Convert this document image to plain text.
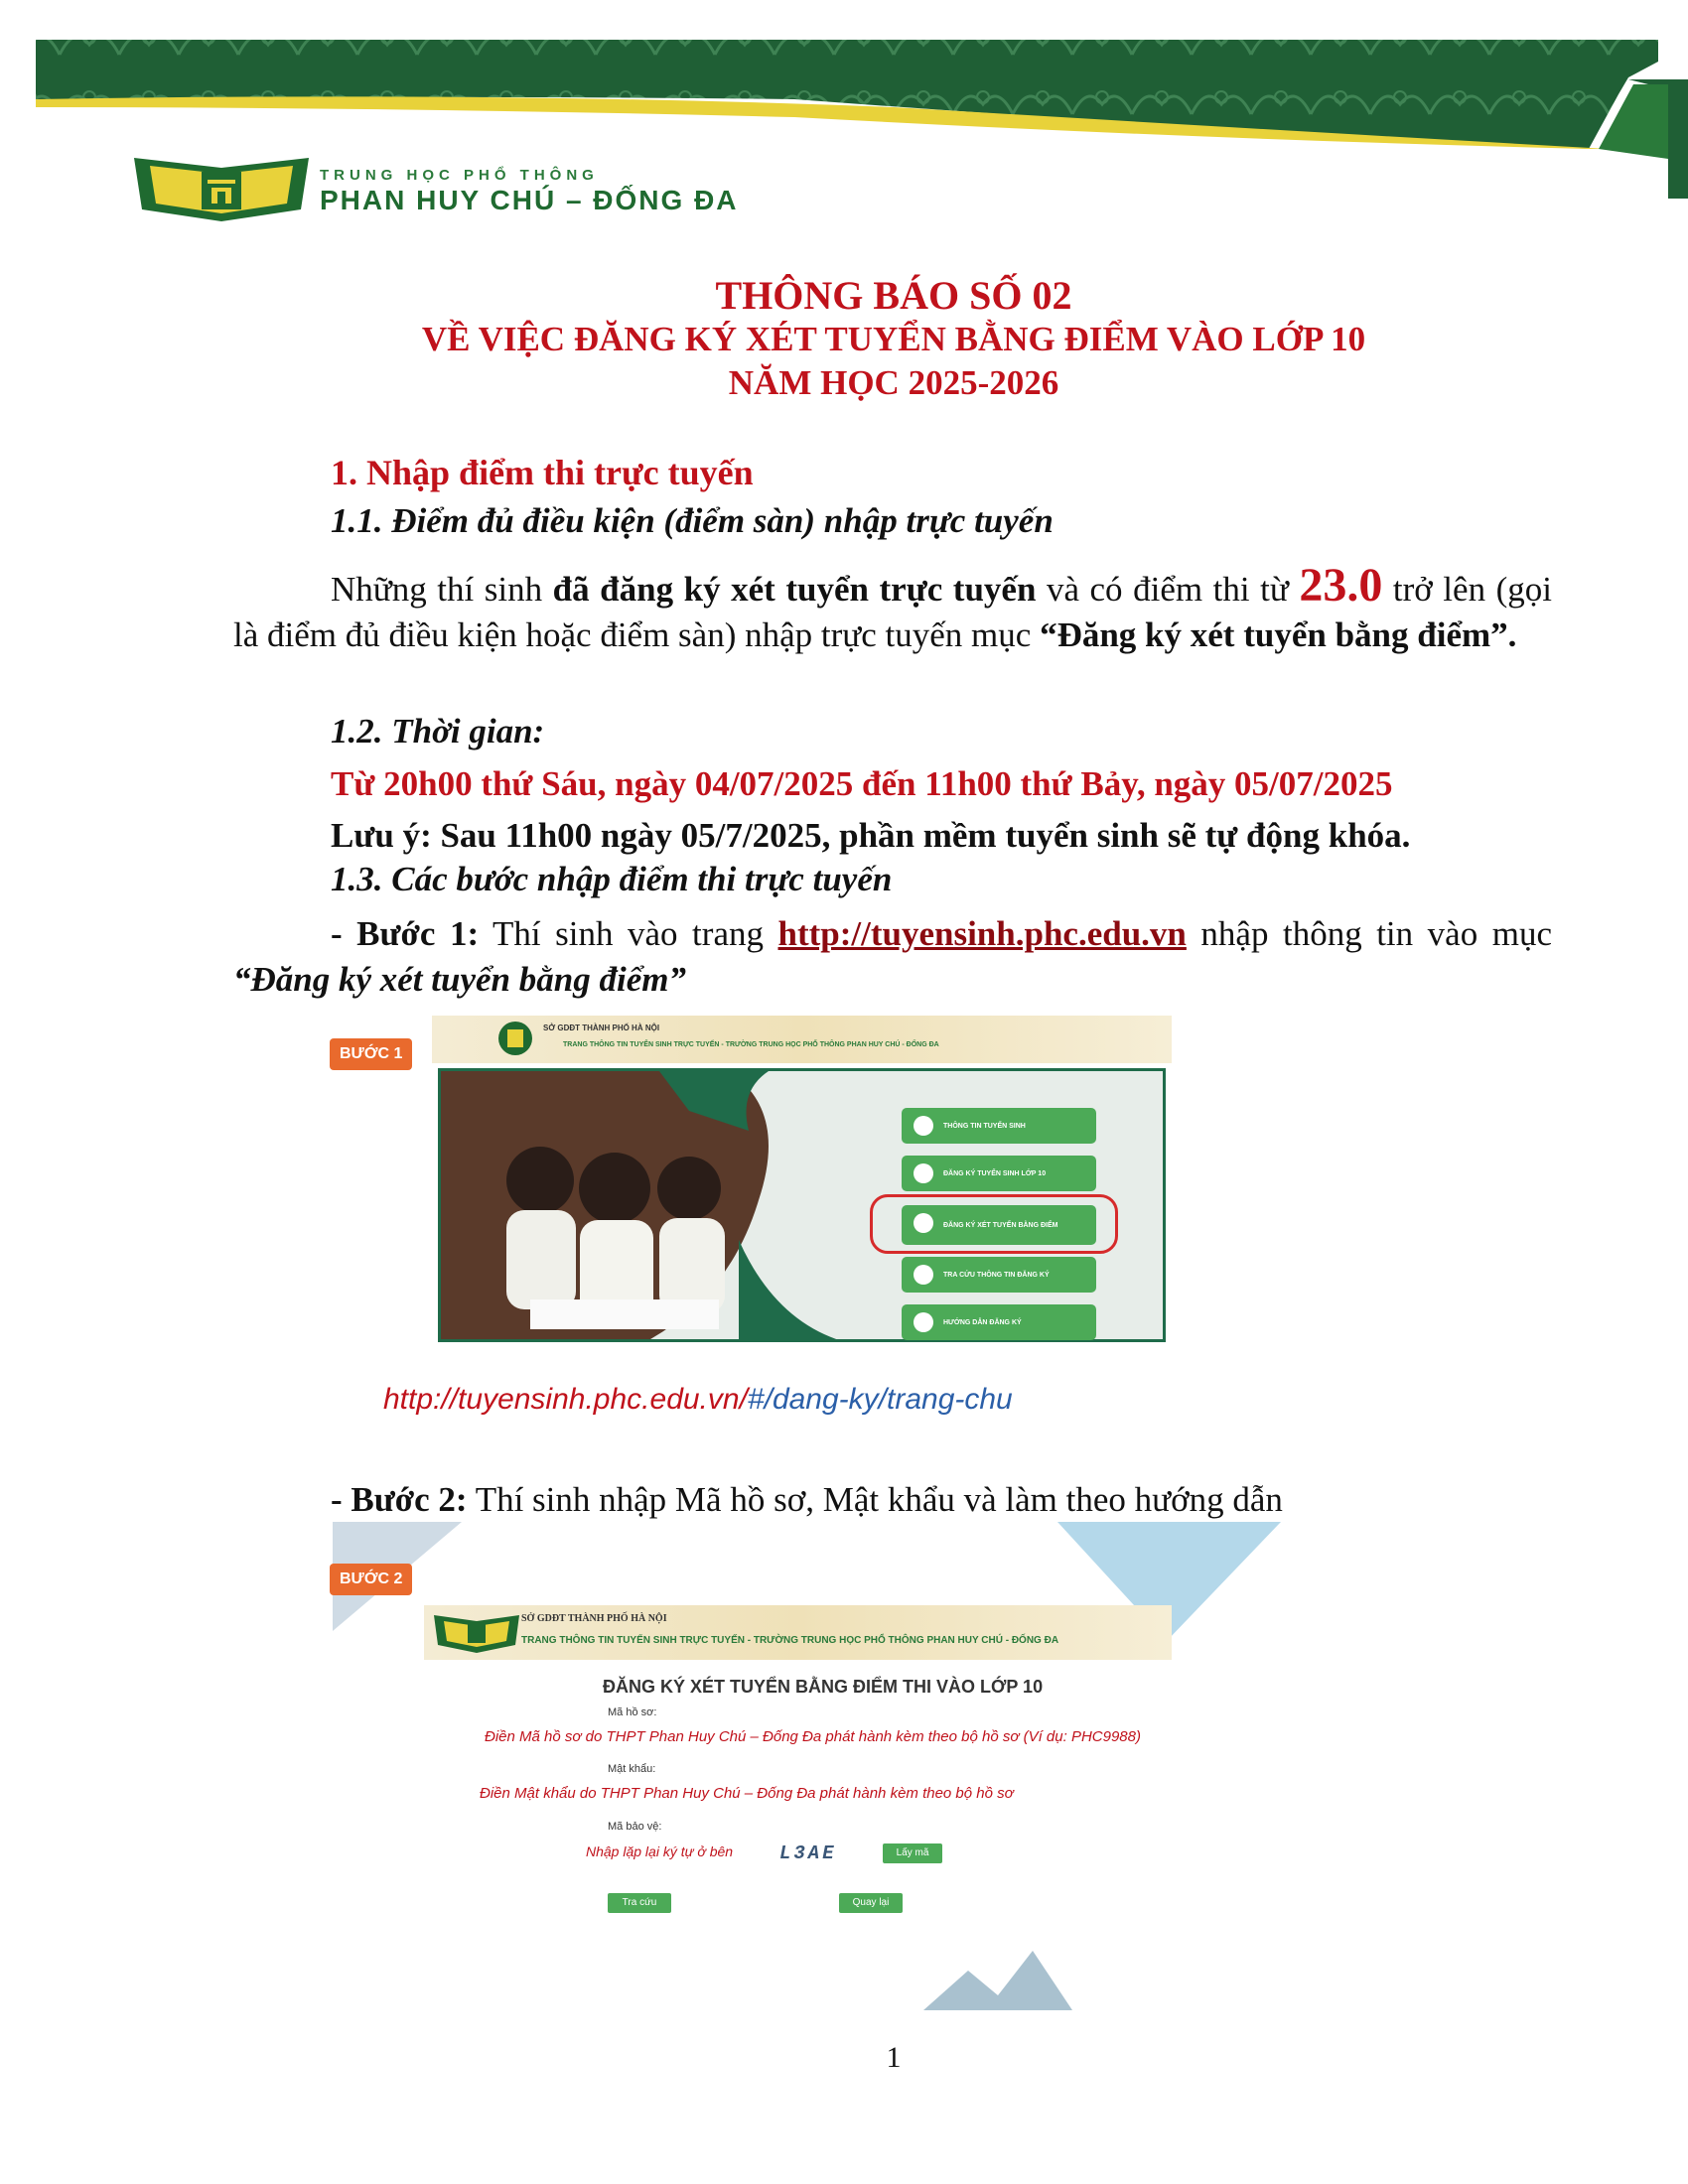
TRUNG HỌC PHỔ THÔNG
PHAN HUY CHÚ – ĐỐNG ĐA
THÔNG BÁO SỐ 02
VỀ VIỆC ĐĂNG KÝ XÉT TUYỂN BẰNG ĐIỂM VÀO LỚP 10
NĂM HỌC 2025-2026
1. Nhập điểm thi trực tuyến
1.1. Điểm đủ điều kiện (điểm sàn) nhập trực tuyến
Những thí sinh đã đăng ký xét tuyển trực tuyến và có điểm thi từ 23.0 trở lên (gọi là điểm đủ điều kiện hoặc điểm sàn) nhập trực tuyến mục “Đăng ký xét tuyển bằng điểm”.
1.2. Thời gian:
Từ 20h00 thứ Sáu, ngày 04/07/2025 đến 11h00 thứ Bảy, ngày 05/07/2025
Lưu ý: Sau 11h00 ngày 05/7/2025, phần mềm tuyển sinh sẽ tự động khóa.
1.3. Các bước nhập điểm thi trực tuyến
- Bước 1: Thí sinh vào trang http://tuyensinh.phc.edu.vn nhập thông tin vào mục “Đăng ký xét tuyển bằng điểm”
BƯỚC 1
SỞ GDĐT THÀNH PHỐ HÀ NỘI
TRANG THÔNG TIN TUYỂN SINH TRỰC TUYẾN - TRƯỜNG TRUNG HỌC PHỔ THÔNG PHAN HUY CHÚ - ĐỐNG ĐA
THÔNG TIN TUYỂN SINH
ĐĂNG KÝ TUYỂN SINH LỚP 10
ĐĂNG KÝ XÉT TUYỂN BẰNG ĐIỂM
TRA CỨU THÔNG TIN ĐĂNG KÝ
HƯỚNG DẪN ĐĂNG KÝ
http://tuyensinh.phc.edu.vn/#/dang-ky/trang-chu
- Bước 2: Thí sinh nhập Mã hồ sơ, Mật khẩu và làm theo hướng dẫn
BƯỚC 2
SỞ GDĐT THÀNH PHỐ HÀ NỘI
TRANG THÔNG TIN TUYỂN SINH TRỰC TUYẾN - TRƯỜNG TRUNG HỌC PHỔ THÔNG PHAN HUY CHÚ - ĐỐNG ĐA
ĐĂNG KÝ XÉT TUYỂN BẰNG ĐIỂM THI VÀO LỚP 10
Mã hồ sơ:
Điền Mã hồ sơ do THPT Phan Huy Chú – Đống Đa phát hành kèm theo bộ hồ sơ (Ví dụ: PHC9988)
Mật khẩu:
Điền Mật khẩu do THPT Phan Huy Chú – Đống Đa phát hành kèm theo bộ hồ sơ
Mã bảo vệ:
Nhập lặp lại ký tự ở bên L3AE	Lấy mã
Tra cứu	Quay lại
1
